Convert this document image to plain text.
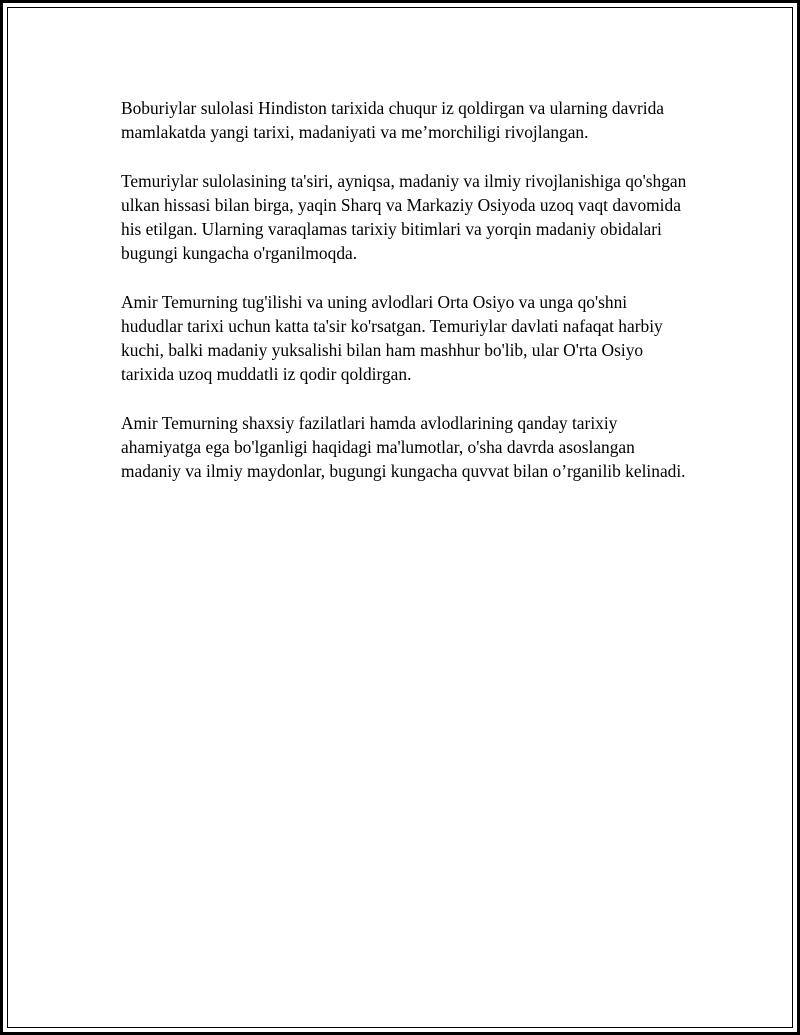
Boburiylar sulolasi Hindiston tarixida chuqur iz qoldirgan va ularning davrida mamlakatda yangi tarixi, madaniyati va me’morchiligi rivojlangan.

Temuriylar sulolasining ta'siri, ayniqsa, madaniy va ilmiy rivojlanishiga qo'shgan ulkan hissasi bilan birga, yaqin Sharq va Markaziy Osiyoda uzoq vaqt davomida his etilgan. Ularning varaqlamas tarixiy bitimlari va yorqin madaniy obidalari bugungi kungacha o'rganilmoqda.

Amir Temurning tug'ilishi va uning avlodlari Orta Osiyo va unga qo'shni hududlar tarixi uchun katta ta'sir ko'rsatgan. Temuriylar davlati nafaqat harbiy kuchi, balki madaniy yuksalishi bilan ham mashhur bo'lib, ular O'rta Osiyo tarixida uzoq muddatli iz qodir qoldirgan.

Amir Temurning shaxsiy fazilatlari hamda avlodlarining qanday tarixiy ahamiyatga ega bo'lganligi haqidagi ma'lumotlar, o'sha davrda asoslangan madaniy va ilmiy maydonlar, bugungi kungacha quvvat bilan o’rganilib kelinadi.
